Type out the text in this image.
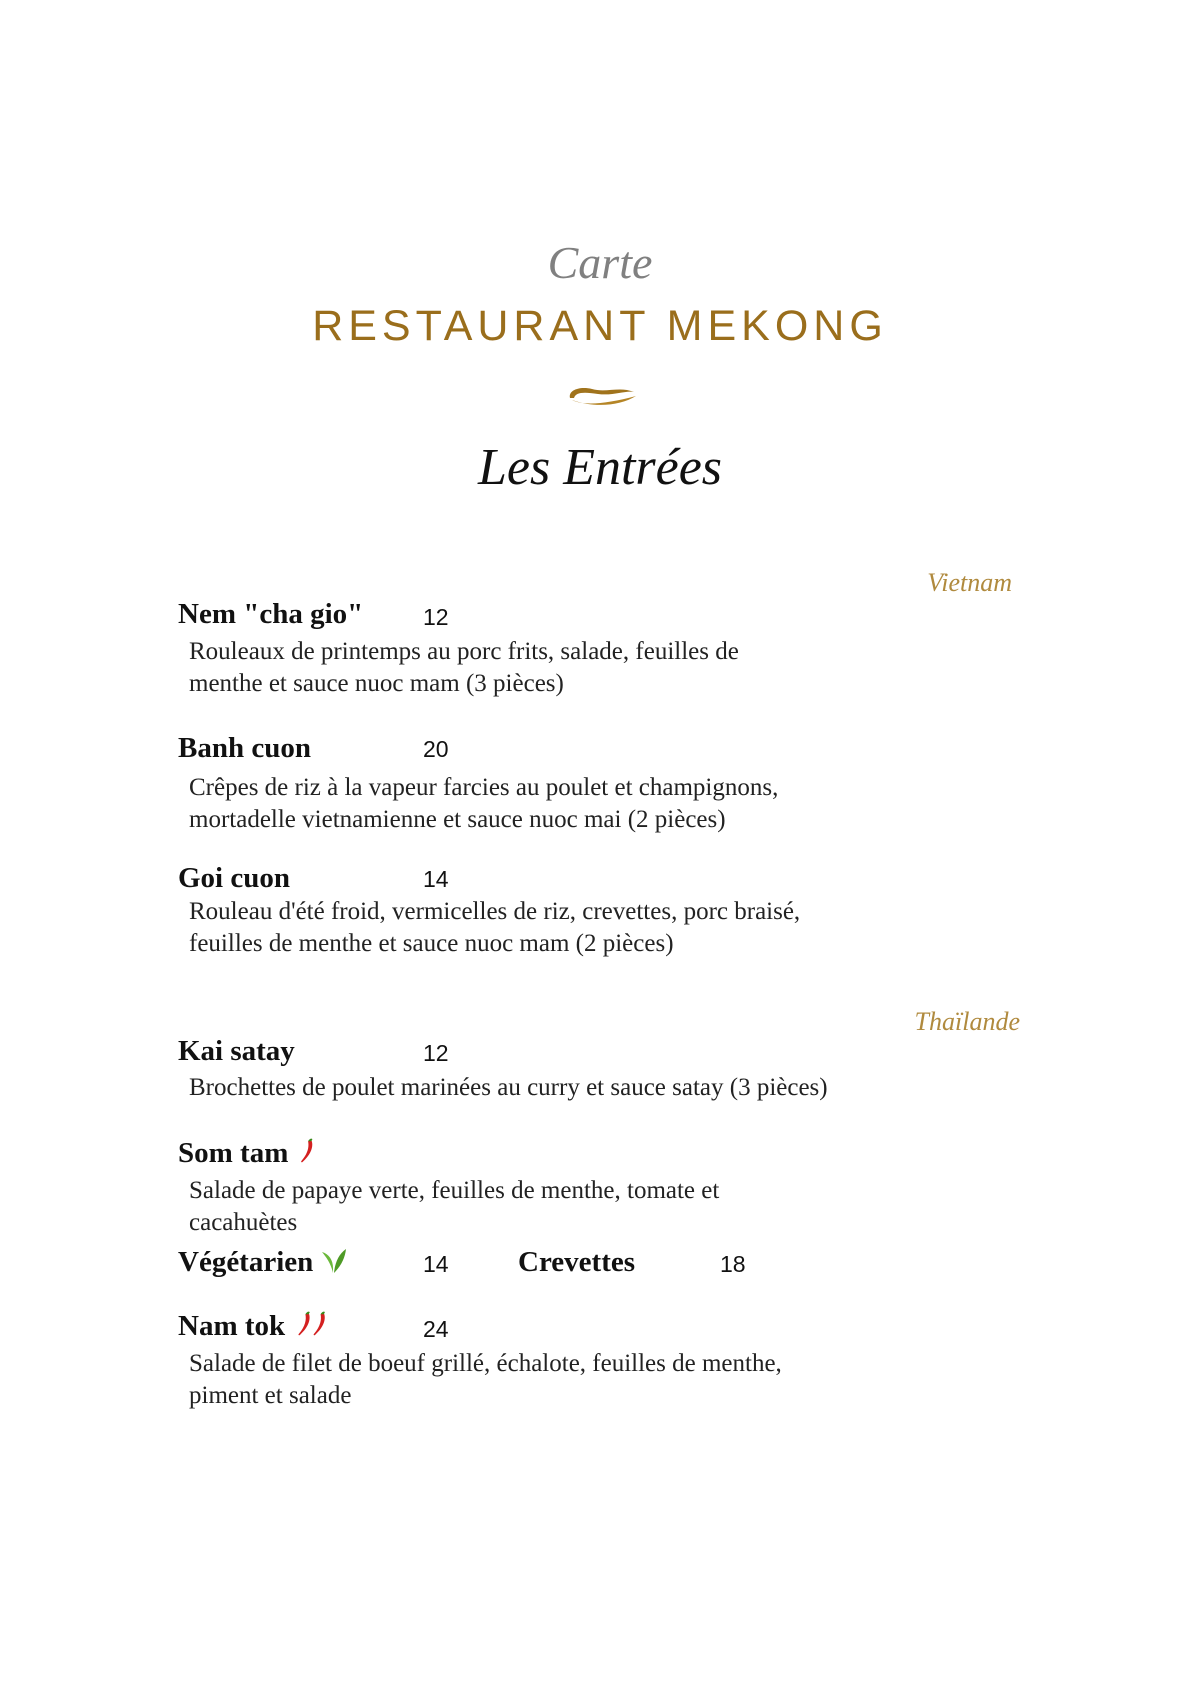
Carte
RESTAURANT MEKONG
Les Entrées
Vietnam
Nem "cha gio"	12
Rouleaux de printemps au porc frits, salade, feuilles de
menthe et sauce nuoc mam (3 pièces)
Banh cuon	20
Crêpes de riz à la vapeur farcies au poulet et champignons,
mortadelle vietnamienne et sauce nuoc mai (2 pièces)
Goi cuon	14
Rouleau d'été froid, vermicelles de riz, crevettes, porc braisé,
feuilles de menthe et sauce nuoc mam (2 pièces)
Thaïlande
Kai satay	12
Brochettes de poulet marinées au curry et sauce satay (3 pièces)
Som tam
Salade de papaye verte, feuilles de menthe, tomate et
cacahuètes
Végétarien	14 Crevettes	18
Nam tok	24
Salade de filet de boeuf grillé, échalote, feuilles de menthe,
piment et salade
